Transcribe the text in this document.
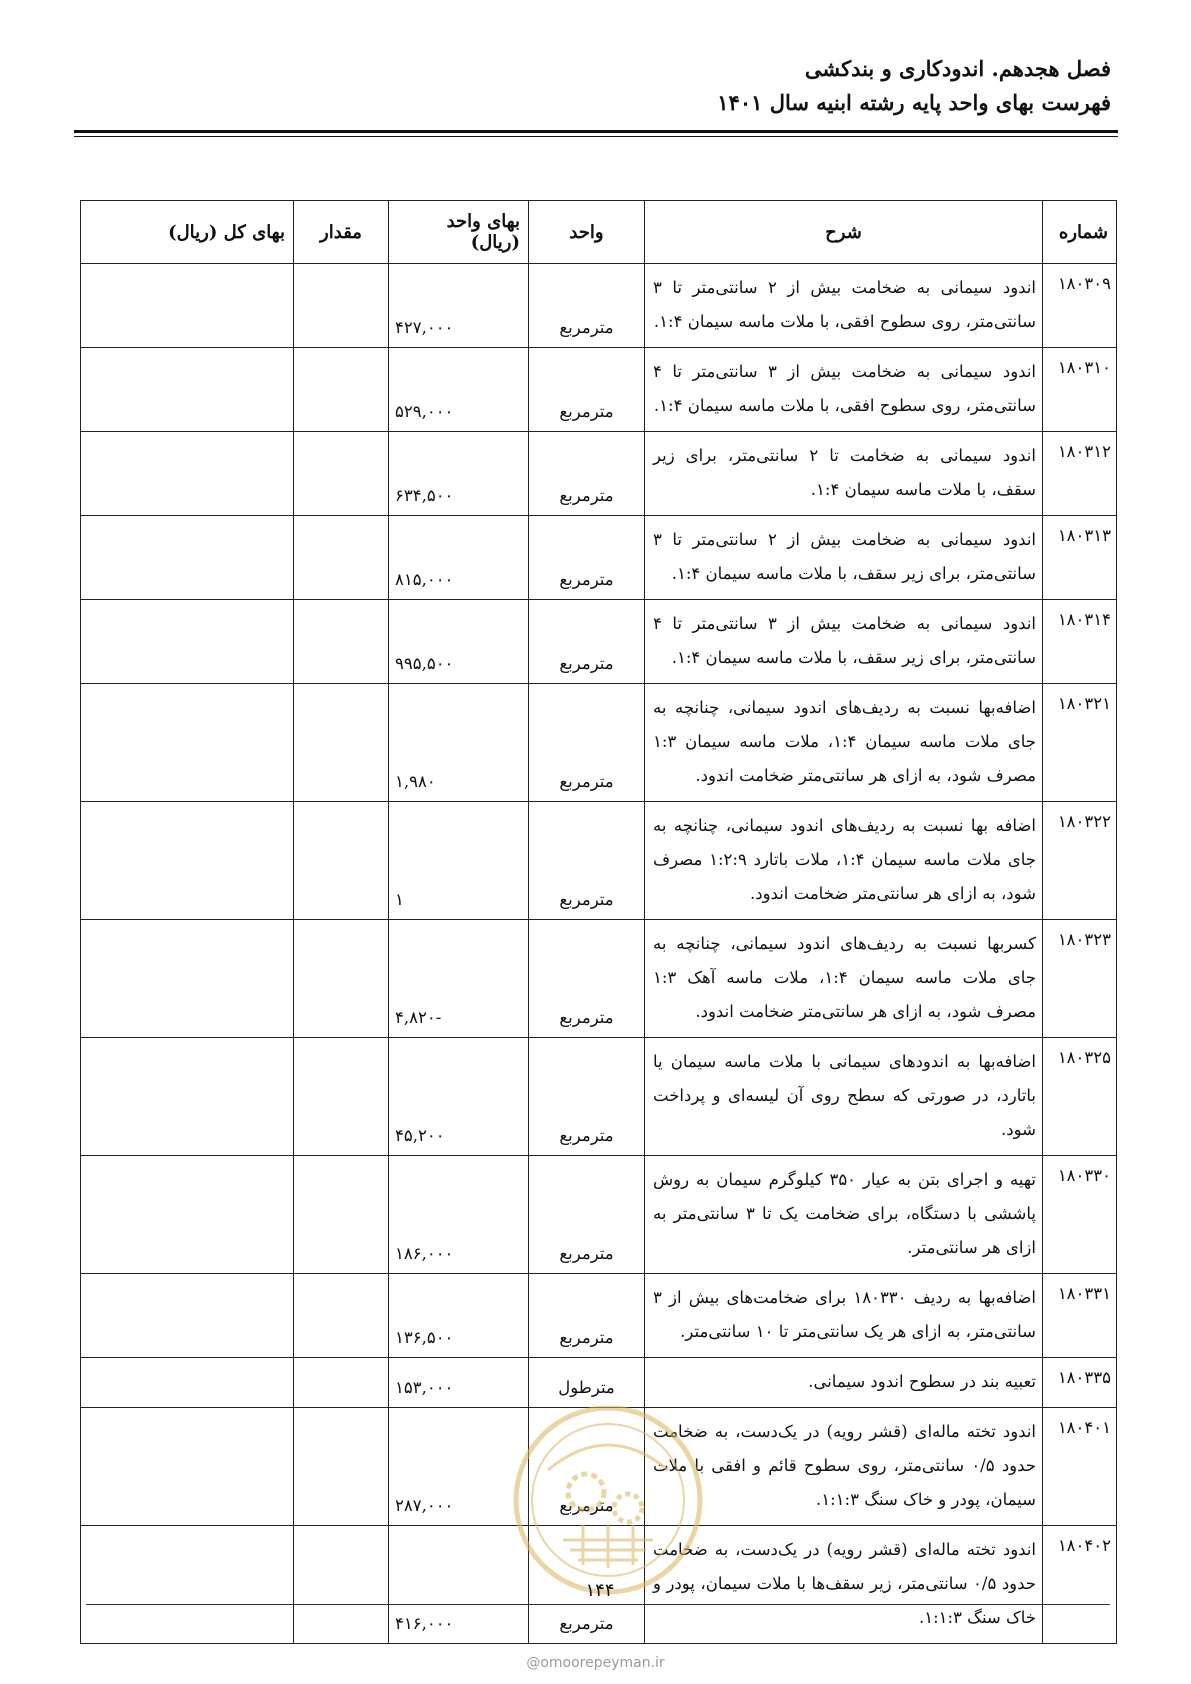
فصل هجدهم. اندودکاری و بندکشی
فهرست بهای واحد پایه رشته ابنیه سال ۱۴۰۱
شماره	شرح	واحد	بهای واحد (ریال)	مقدار	بهای کل (ریال)
۱۸۰۳۰۹	اندود سیمانی به ضخامت بیش از ۲ سانتی‌متر تا ۳ سانتی‌متر، روی سطوح افقی، با ملات ماسه سیمان ۱:۴.	مترمربع	۴۲۷,۰۰۰		
۱۸۰۳۱۰	اندود سیمانی به ضخامت بیش از ۳ سانتی‌متر تا ۴ سانتی‌متر، روی سطوح افقی، با ملات ماسه سیمان ۱:۴.	مترمربع	۵۲۹,۰۰۰		
۱۸۰۳۱۲	اندود سیمانی به ضخامت تا ۲ سانتی‌متر، برای زیر سقف، با ملات ماسه سیمان ۱:۴.	مترمربع	۶۳۴,۵۰۰		
۱۸۰۳۱۳	اندود سیمانی به ضخامت بیش از ۲ سانتی‌متر تا ۳ سانتی‌متر، برای زیر سقف، با ملات ماسه سیمان ۱:۴.	مترمربع	۸۱۵,۰۰۰		
۱۸۰۳۱۴	اندود سیمانی به ضخامت بیش از ۳ سانتی‌متر تا ۴ سانتی‌متر، برای زیر سقف، با ملات ماسه سیمان ۱:۴.	مترمربع	۹۹۵,۵۰۰		
۱۸۰۳۲۱	اضافه‌بها نسبت به ردیف‌های اندود سیمانی، چنانچه به جای ملات ماسه سیمان ۱:۴، ملات ماسه سیمان ۱:۳ مصرف شود، به ازای هر سانتی‌متر ضخامت اندود.	مترمربع	۱,۹۸۰		
۱۸۰۳۲۲	اضافه بها نسبت به ردیف‌های اندود سیمانی، چنانچه به جای ملات ماسه سیمان ۱:۴، ملات باتارد ۱:۲:۹ مصرف شود، به ازای هر سانتی‌متر ضخامت اندود.	مترمربع	۱		
۱۸۰۳۲۳	کسربها نسبت به ردیف‌های اندود سیمانی، چنانچه به جای ملات ماسه سیمان ۱:۴، ملات ماسه آهک ۱:۳ مصرف شود، به ازای هر سانتی‌متر ضخامت اندود.	مترمربع	-۴,۸۲۰		
۱۸۰۳۲۵	اضافه‌بها به اندودهای سیمانی با ملات ماسه سیمان یا باتارد، در صورتی که سطح روی آن لیسه‌ای و پرداخت شود.	مترمربع	۴۵,۲۰۰		
۱۸۰۳۳۰	تهیه و اجرای بتن به عیار ۳۵۰ کیلوگرم سیمان به روش پاششی با دستگاه، برای ضخامت یک تا ۳ سانتی‌متر به ازای هر سانتی‌متر.	مترمربع	۱۸۶,۰۰۰		
۱۸۰۳۳۱	اضافه‌بها به ردیف ۱۸۰۳۳۰ برای ضخامت‌های بیش از ۳ سانتی‌متر، به ازای هر یک سانتی‌متر تا ۱۰ سانتی‌متر.	مترمربع	۱۳۶,۵۰۰		
۱۸۰۳۳۵	تعبیه بند در سطوح اندود سیمانی.	مترطول	۱۵۳,۰۰۰		
۱۸۰۴۰۱	اندود تخته ماله‌ای (قشر رویه) در یک‌دست، به ضخامت حدود ۰/۵ سانتی‌متر، روی سطوح قائم و افقی با ملات سیمان، پودر و خاک سنگ ۱:۱:۳.	مترمربع	۲۸۷,۰۰۰		
۱۸۰۴۰۲	اندود تخته ماله‌ای (قشر رویه) در یک‌دست، به ضخامت حدود ۰/۵ سانتی‌متر، زیر سقف‌ها با ملات سیمان، پودر و خاک سنگ ۱:۱:۳.	مترمربع	۴۱۶,۰۰۰		
۱۴۴
@omoorepeyman.ir
